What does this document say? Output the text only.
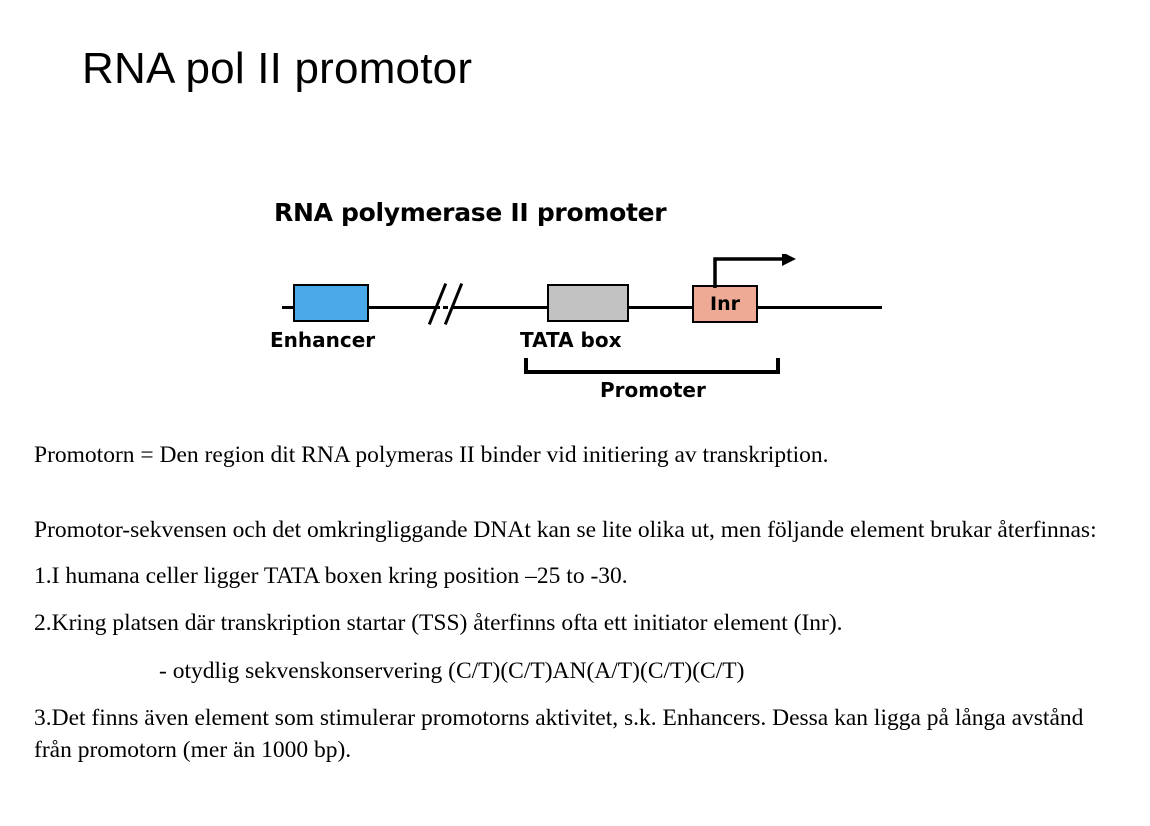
RNA pol II promotor
RNA polymerase II promoter
Inr
Enhancer	TATA box
Promoter

Promotorn = Den region dit RNA polymeras II binder vid initiering av transkription.

Promotor-sekvensen och det omkringliggande DNAt kan se lite olika ut, men följande element brukar återfinnas:

1.I humana celler ligger TATA boxen kring position –25 to -30.

2.Kring platsen där transkription startar (TSS) återfinns ofta ett initiator element (Inr).

- otydlig sekvenskonservering (C/T)(C/T)AN(A/T)(C/T)(C/T)

3.Det finns även element som stimulerar promotorns aktivitet, s.k. Enhancers. Dessa kan ligga på långa avstånd från promotorn (mer än 1000 bp).
